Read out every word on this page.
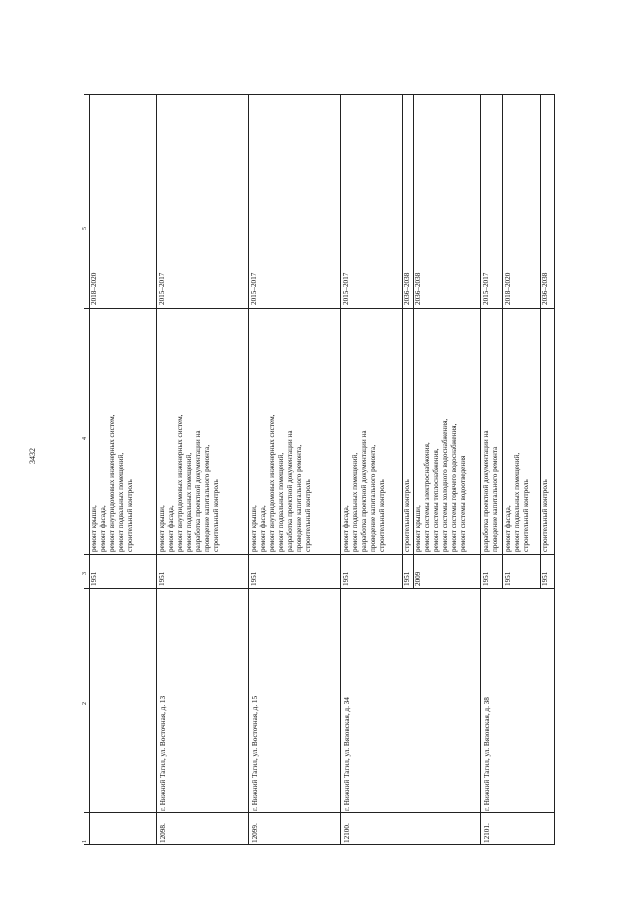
3432
1
2
3
4
5
1951
ремонт крыши, ремонт фасада, ремонт внутридомовых инженерных систем, ремонт подвальных помещений, строительный контроль
2018–2020
12098.
г. Нижний Тагил, ул. Восточная, д. 13
1951
ремонт крыши, ремонт фасада, ремонт внутридомовых инженерных систем, ремонт подвальных помещений, разработка проектной документации на проведение капитального ремонта, строительный контроль
2015–2017
12099.
г. Нижний Тагил, ул. Восточная, д. 15
1951
ремонт крыши, ремонт фасада, ремонт внутридомовых инженерных систем, ремонт подвальных помещений, разработка проектной документации на проведение капитального ремонта, строительный контроль
2015–2017
12100.
г. Нижний Тагил, ул. Вязовская, д. 34
1951
ремонт фасада, ремонт подвальных помещений, разработка проектной документации на проведение капитального ремонта, строительный контроль
2015–2017
1951
строительный контроль
2036–2038
2009
ремонт крыши, ремонт системы электроснабжения, ремонт системы теплоснабжения, ремонт системы холодного водоснабжения, ремонт системы горячего водоснабжения, ремонт системы водоотведения
2036–2038
12101.
г. Нижний Тагил, ул. Вязовская, д. 38
1951
разработка проектной документации на проведение капитального ремонта
2015–2017
1951
ремонт фасада, ремонт подвальных помещений, строительный контроль
2018–2020
1951
строительный контроль
2036–2038
